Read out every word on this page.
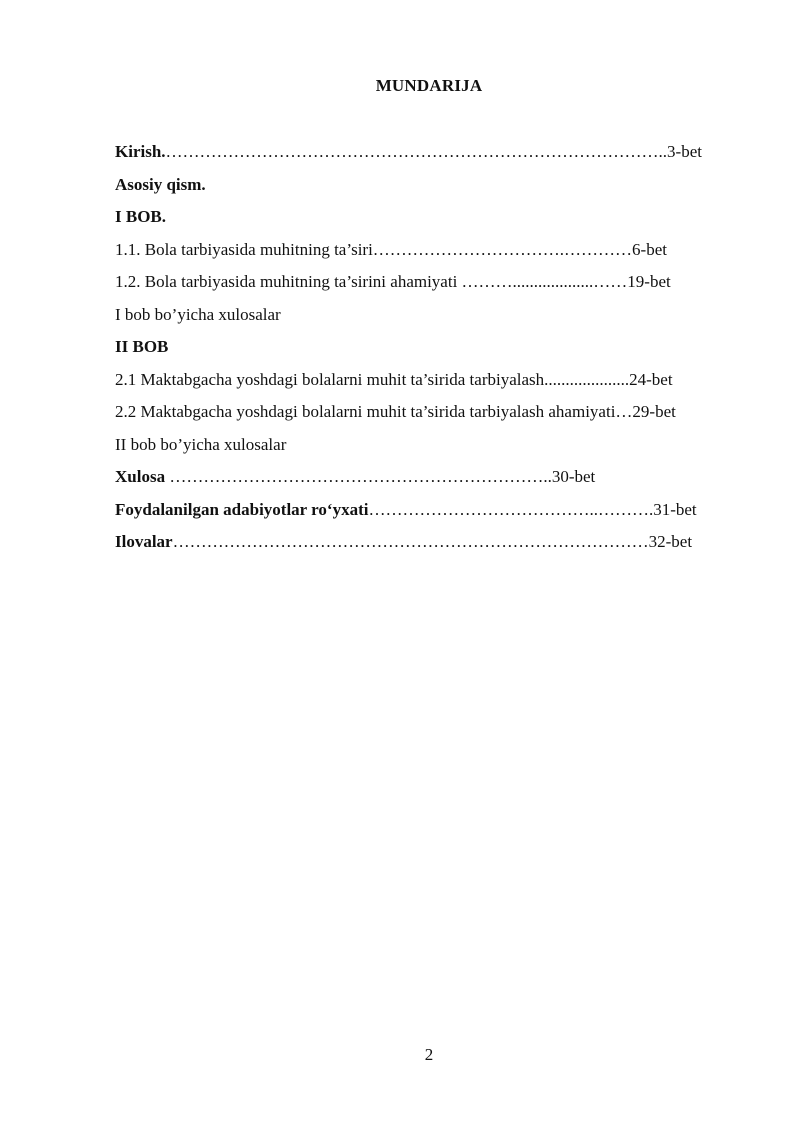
MUNDARIJA
Kirish.……………………………………………………………………………..3-bet
Asosiy qism.
I BOB.
1.1. Bola tarbiyasida muhitning ta’siri…………………………….…………6-bet
1.2. Bola tarbiyasida muhitning ta’sirini ahamiyati ………...................……19-bet
I bob bo’yicha xulosalar
II BOB
2.1 Maktabgacha yoshdagi bolalarni muhit ta’sirida tarbiyalash....................24-bet
2.2 Maktabgacha yoshdagi bolalarni muhit ta’sirida tarbiyalash ahamiyati…29-bet
II bob bo’yicha xulosalar
Xulosa …………………………………………………………..30-bet
Foydalanilgan adabiyotlar ro‘yxati…………………………………..……….31-bet
Ilovalar…………………………………………………………………………32-bet
2
